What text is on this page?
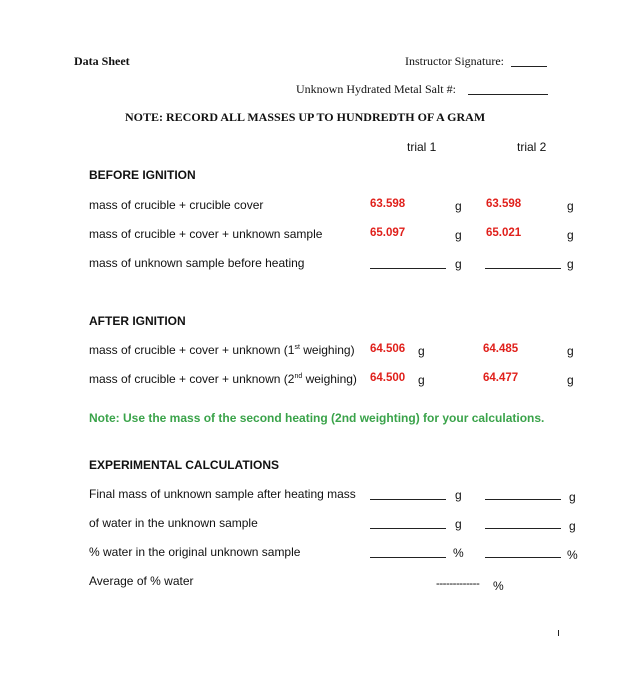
Data Sheet	Instructor Signature:
Unknown Hydrated Metal Salt #:
NOTE: RECORD ALL MASSES UP TO HUNDREDTH OF A GRAM
trial 1	trial 2
BEFORE IGNITION
mass of crucible + crucible cover	63.598	g 63.598	g
mass of crucible + cover + unknown sample	65.097	g 65.021	g
mass of unknown sample before heating	g	g
AFTER IGNITION
mass of crucible + cover + unknown (1st weighing) 64.506 g	64.485	g
mass of crucible + cover + unknown (2nd weighing) 64.500 g	64.477	g
Note: Use the mass of the second heating (2nd weighting) for your calculations.
EXPERIMENTAL CALCULATIONS
Final mass of unknown sample after heating mass	g	g
of water in the unknown sample	g	g
% water in the original unknown sample	%	%
Average of % water	------------- %
